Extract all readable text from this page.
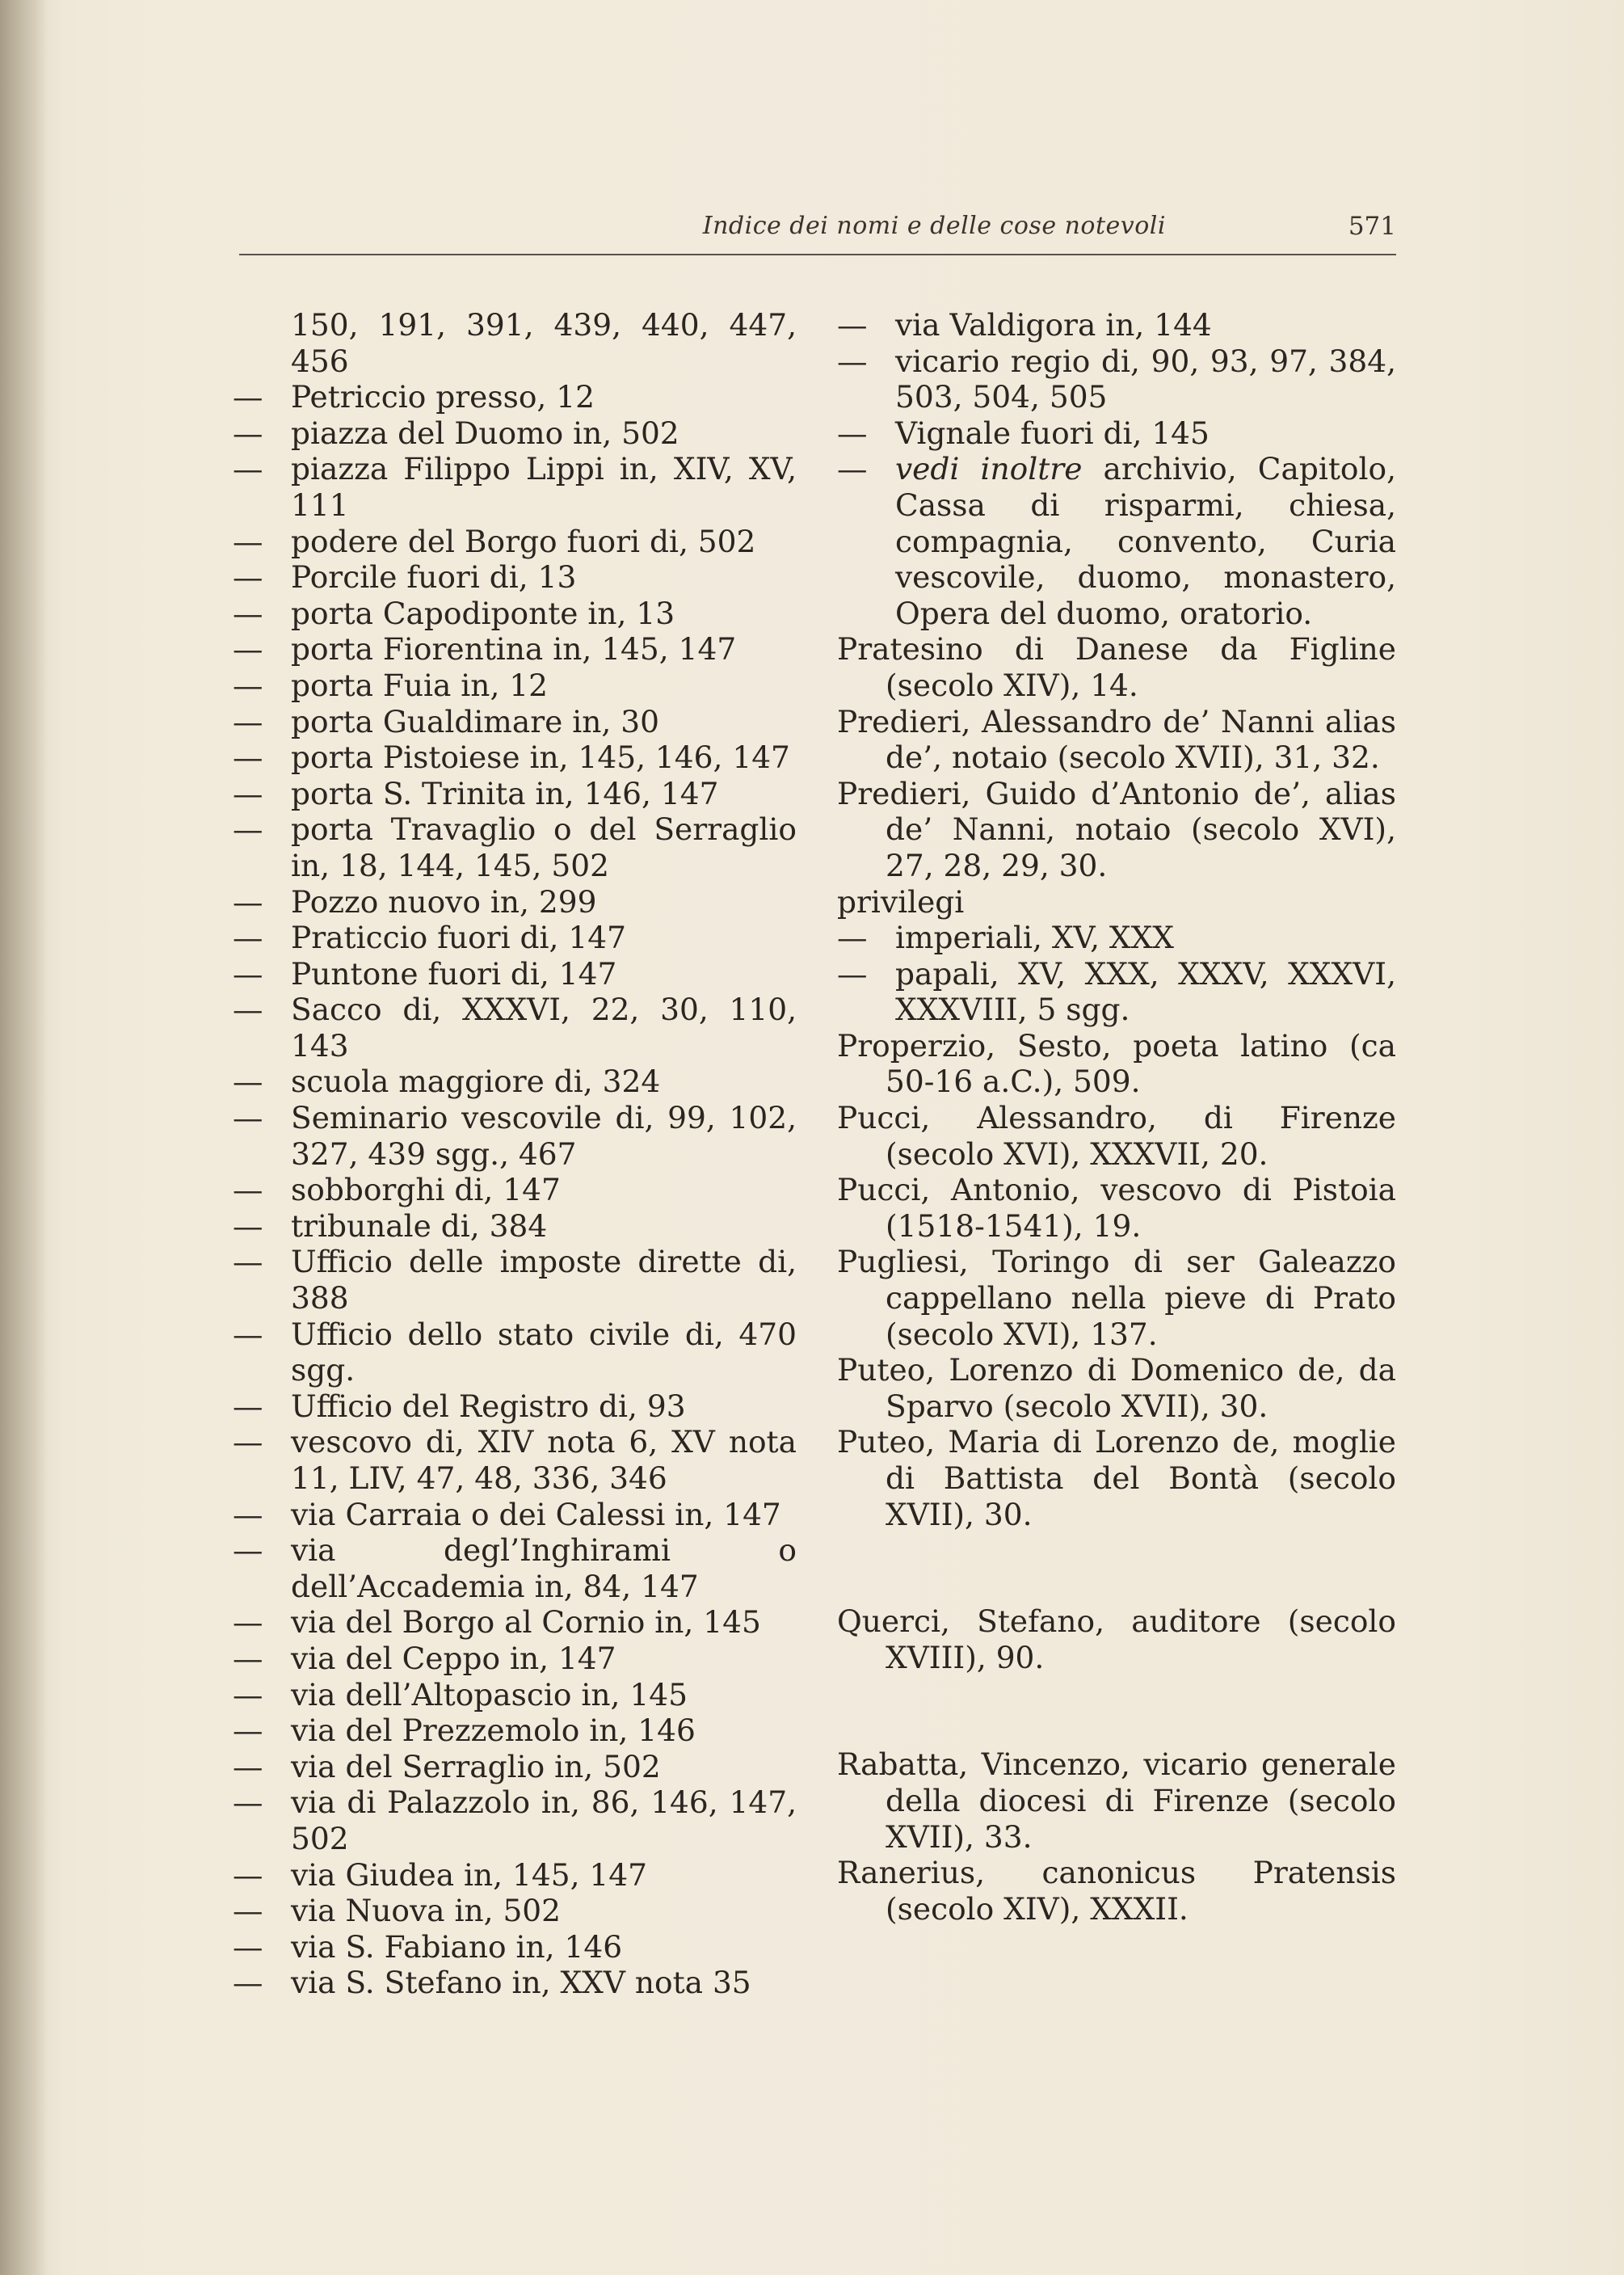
Indice dei nomi e delle cose notevoli	571
150, 191, 391, 439, 440, 447, 456
— Petriccio presso, 12
— piazza del Duomo in, 502
— piazza Filippo Lippi in, XIV, XV, 111
— podere del Borgo fuori di, 502
— Porcile fuori di, 13
— porta Capodiponte in, 13
— porta Fiorentina in, 145, 147
— porta Fuia in, 12
— porta Gualdimare in, 30
— porta Pistoiese in, 145, 146, 147
— porta S. Trinita in, 146, 147
— porta Travaglio o del Serraglio in, 18, 144, 145, 502
— Pozzo nuovo in, 299
— Praticcio fuori di, 147
— Puntone fuori di, 147
— Sacco di, XXXVI, 22, 30, 110, 143
— scuola maggiore di, 324
— Seminario vescovile di, 99, 102, 327, 439 sgg., 467
— sobborghi di, 147
— tribunale di, 384
— Ufficio delle imposte dirette di, 388
— Ufficio dello stato civile di, 470 sgg.
— Ufficio del Registro di, 93
— vescovo di, XIV nota 6, XV nota 11, LIV, 47, 48, 336, 346
— via Carraia o dei Calessi in, 147
— via degl’Inghirami o dell’Accademia in, 84, 147
— via del Borgo al Cornio in, 145
— via del Ceppo in, 147
— via dell’Altopascio in, 145
— via del Prezzemolo in, 146
— via del Serraglio in, 502
— via di Palazzolo in, 86, 146, 147, 502
— via Giudea in, 145, 147
— via Nuova in, 502
— via S. Fabiano in, 146
— via S. Stefano in, XXV nota 35
— via Valdigora in, 144
— vicario regio di, 90, 93, 97, 384, 503, 504, 505
— Vignale fuori di, 145
— vedi inoltre archivio, Capitolo, Cassa di risparmi, chiesa, compagnia, convento, Curia vescovile, duomo, monastero, Opera del duomo, oratorio.
Pratesino di Danese da Figline (secolo XIV), 14.
Predieri, Alessandro de’ Nanni alias de’, notaio (secolo XVII), 31, 32.
Predieri, Guido d’Antonio de’, alias de’ Nanni, notaio (secolo XVI), 27, 28, 29, 30.
privilegi
— imperiali, XV, XXX
— papali, XV, XXX, XXXV, XXXVI, XXXVIII, 5 sgg.
Properzio, Sesto, poeta latino (ca 50-16 a.C.), 509.
Pucci, Alessandro, di Firenze (secolo XVI), XXXVII, 20.
Pucci, Antonio, vescovo di Pistoia (1518-1541), 19.
Pugliesi, Toringo di ser Galeazzo cappellano nella pieve di Prato (secolo XVI), 137.
Puteo, Lorenzo di Domenico de, da Sparvo (secolo XVII), 30.
Puteo, Maria di Lorenzo de, moglie di Battista del Bontà (secolo XVII), 30.
Querci, Stefano, auditore (secolo XVIII), 90.
Rabatta, Vincenzo, vicario generale della diocesi di Firenze (secolo XVII), 33.
Ranerius, canonicus Pratensis (secolo XIV), XXXII.
